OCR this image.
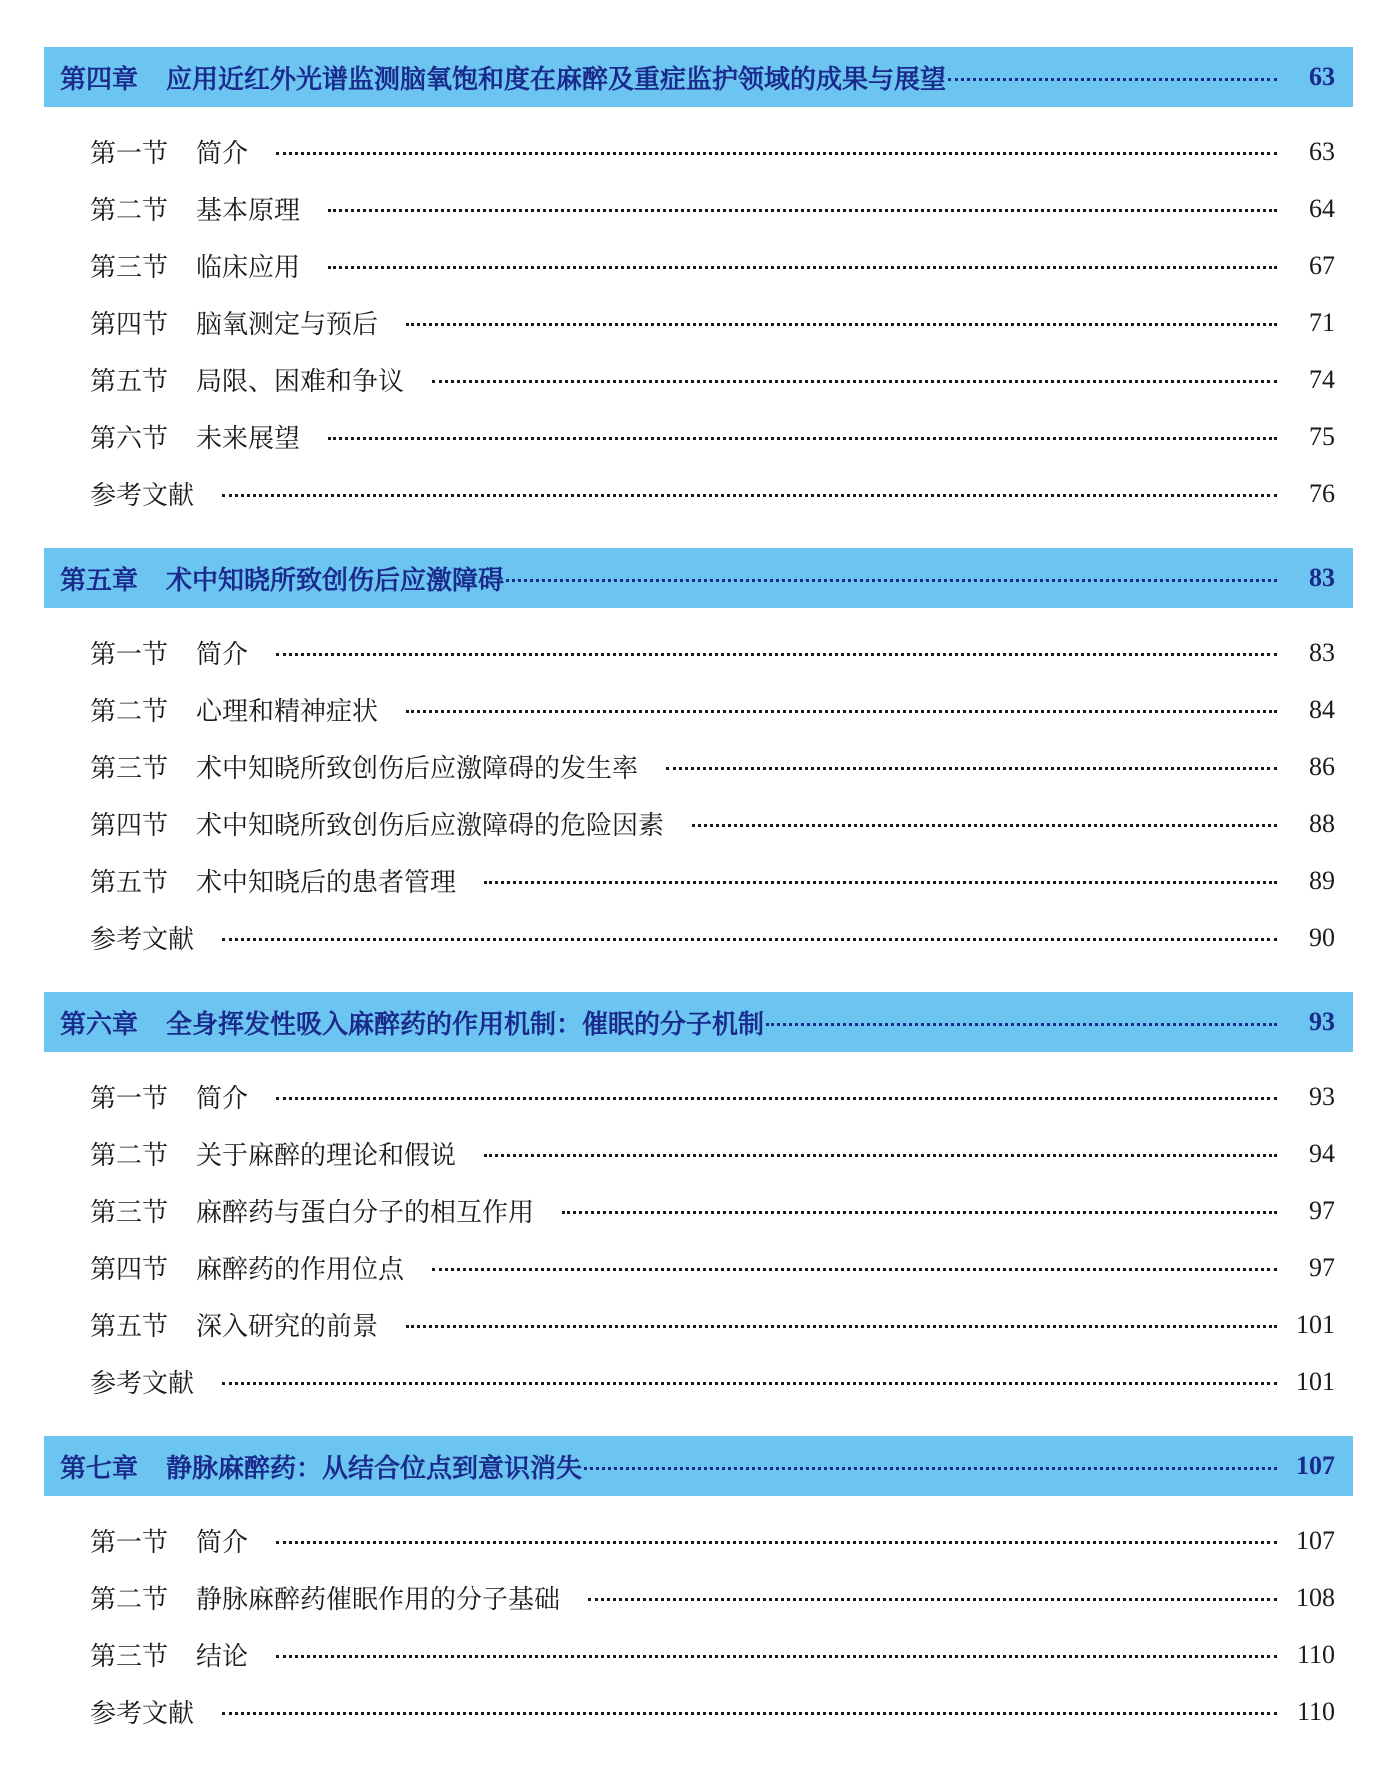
第四章 应用近红外光谱监测脑氧饱和度在麻醉及重症监护领域的成果与展望	63
第一节 简介	63
第二节 基本原理	64
第三节 临床应用	67
第四节 脑氧测定与预后	71
第五节 局限、困难和争议	74
第六节 未来展望	75
参考文献	76
第五章 术中知晓所致创伤后应激障碍	83
第一节 简介	83
第二节 心理和精神症状	84
第三节 术中知晓所致创伤后应激障碍的发生率	86
第四节 术中知晓所致创伤后应激障碍的危险因素	88
第五节 术中知晓后的患者管理	89
参考文献	90
第六章 全身挥发性吸入麻醉药的作用机制：催眠的分子机制	93
第一节 简介	93
第二节 关于麻醉的理论和假说	94
第三节 麻醉药与蛋白分子的相互作用	97
第四节 麻醉药的作用位点	97
第五节 深入研究的前景	101
参考文献	101
第七章 静脉麻醉药：从结合位点到意识消失	107
第一节 简介	107
第二节 静脉麻醉药催眠作用的分子基础	108
第三节 结论	110
参考文献	110
